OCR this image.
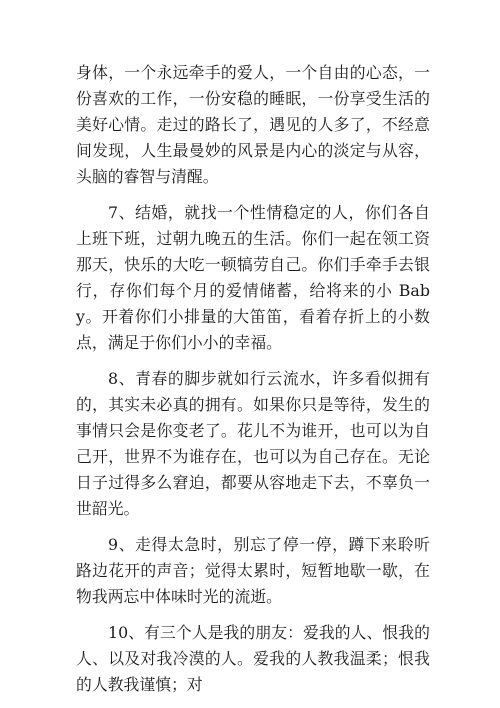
身体，一个永远牵手的爱人，一个自由的心态，一份喜欢的工作，一份安稳的睡眠，一份享受生活的美好心情。走过的路长了，遇见的人多了，不经意间发现，人生最曼妙的风景是内心的淡定与从容，头脑的睿智与清醒。

7、结婚，就找一个性情稳定的人，你们各自上班下班，过朝九晚五的生活。你们一起在领工资那天，快乐的大吃一顿犒劳自己。你们手牵手去银行，存你们每个月的爱情储蓄，给将来的小 Baby。开着你们小排量的大笛笛，看着存折上的小数点，满足于你们小小的幸福。

8、青春的脚步就如行云流水，许多看似拥有的，其实未必真的拥有。如果你只是等待，发生的事情只会是你变老了。花儿不为谁开，也可以为自己开，世界不为谁存在，也可以为自己存在。无论日子过得多么窘迫，都要从容地走下去，不辜负一世韶光。

9、走得太急时，别忘了停一停，蹲下来聆听路边花开的声音；觉得太累时，短暂地歇一歇，在物我两忘中体味时光的流逝。

10、有三个人是我的朋友：爱我的人、恨我的人、以及对我冷漠的人。爱我的人教我温柔；恨我的人教我谨慎；对
